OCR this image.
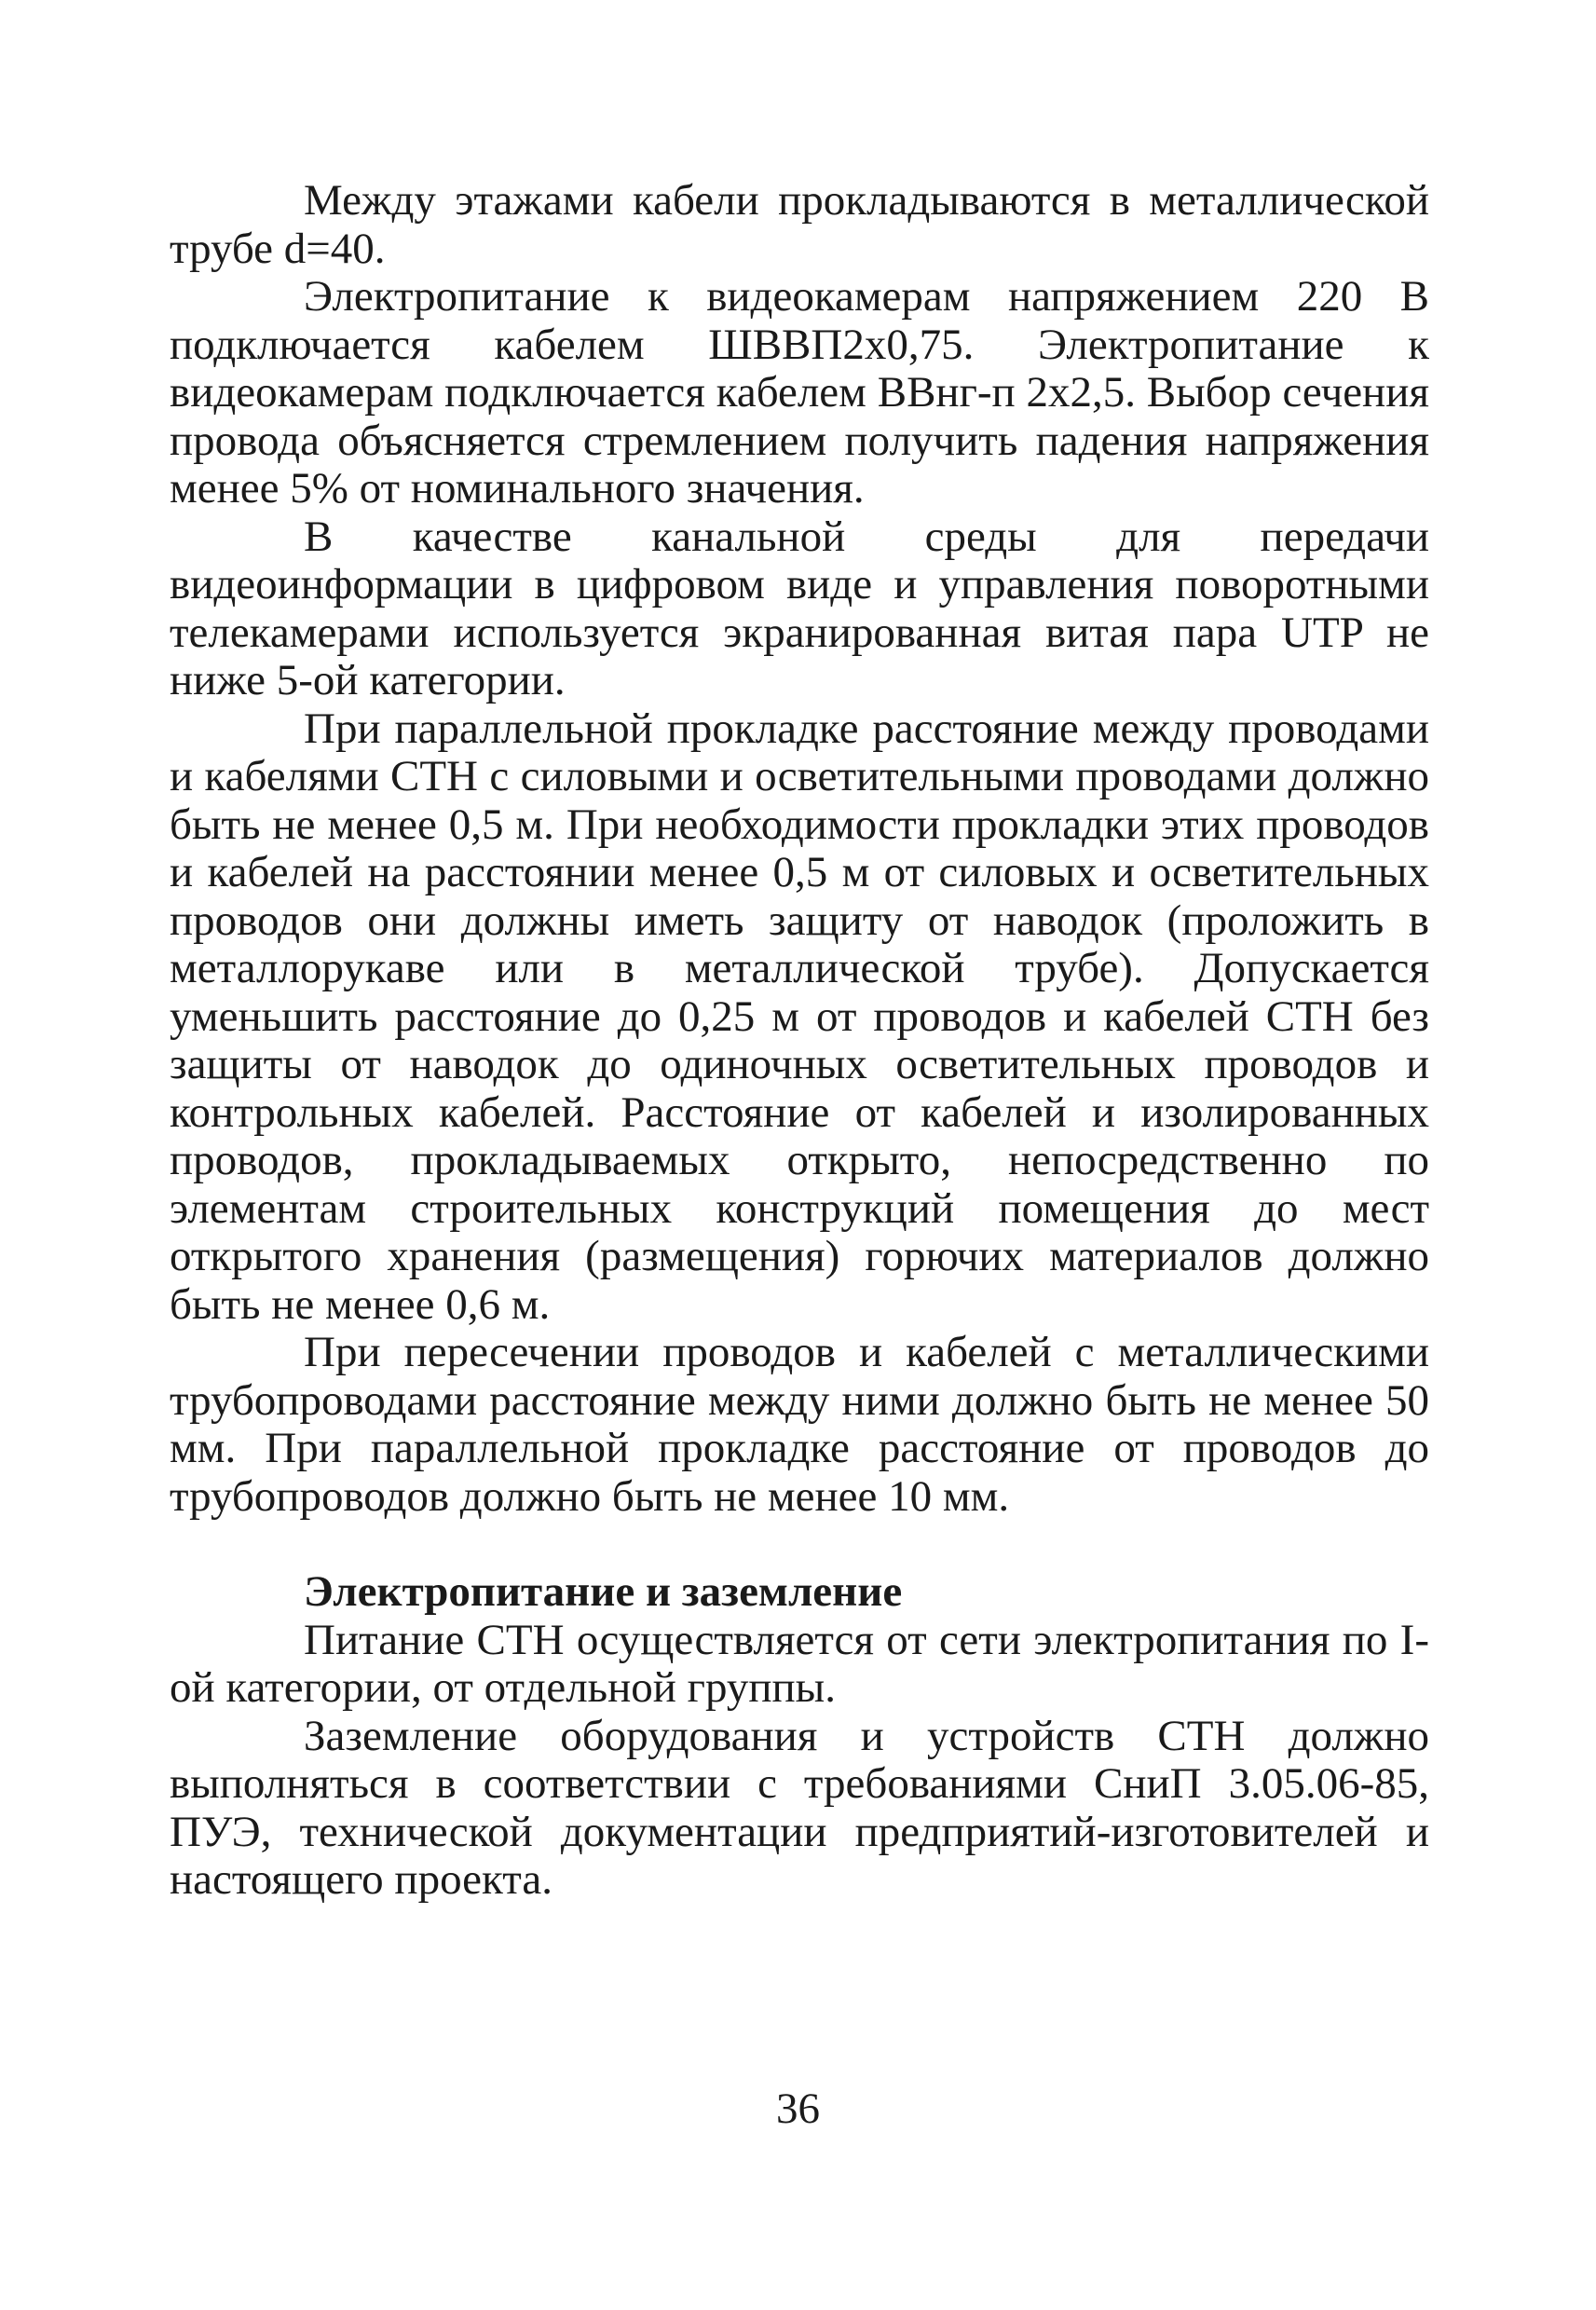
Между этажами кабели прокладываются в металлической трубе d=40.

Электропитание к видеокамерам напряжением 220 В подключается кабелем ШВВП2х0,75. Электропитание к видеокамерам подключается кабелем ВВнг-п 2х2,5. Выбор сечения провода объясняется стремлением получить падения напряжения менее 5% от номинального значения.

В качестве канальной среды для передачи видеоинформации в цифровом виде и управления поворотными телекамерами используется экранированная витая пара UTP не ниже 5-ой категории.

При параллельной прокладке расстояние между проводами и кабелями СТН с силовыми и осветительными проводами должно быть не менее 0,5 м. При необходимости прокладки этих проводов и кабелей на расстоянии менее 0,5 м от силовых и осветительных проводов они должны иметь защиту от наводок (проложить в металлорукаве или в металлической трубе). Допускается уменьшить расстояние до 0,25 м от проводов и кабелей СТН без защиты от наводок до одиночных осветительных проводов и контрольных кабелей. Расстояние от кабелей и изолированных проводов, прокладываемых открыто, непосредственно по элементам строительных конструкций помещения до мест открытого хранения (размещения) горючих материалов должно быть не менее 0,6 м.

При пересечении проводов и кабелей с металлическими трубопроводами расстояние между ними должно быть не менее 50 мм. При параллельной прокладке расстояние от проводов до трубопроводов должно быть не менее 10 мм.

Электропитание и заземление

Питание СТН осуществляется от сети электропитания по I-ой категории, от отдельной группы.

Заземление оборудования и устройств СТН должно выполняться в соответствии с требованиями СниП 3.05.06-85, ПУЭ, технической документации предприятий-изготовителей и настоящего проекта.

36
